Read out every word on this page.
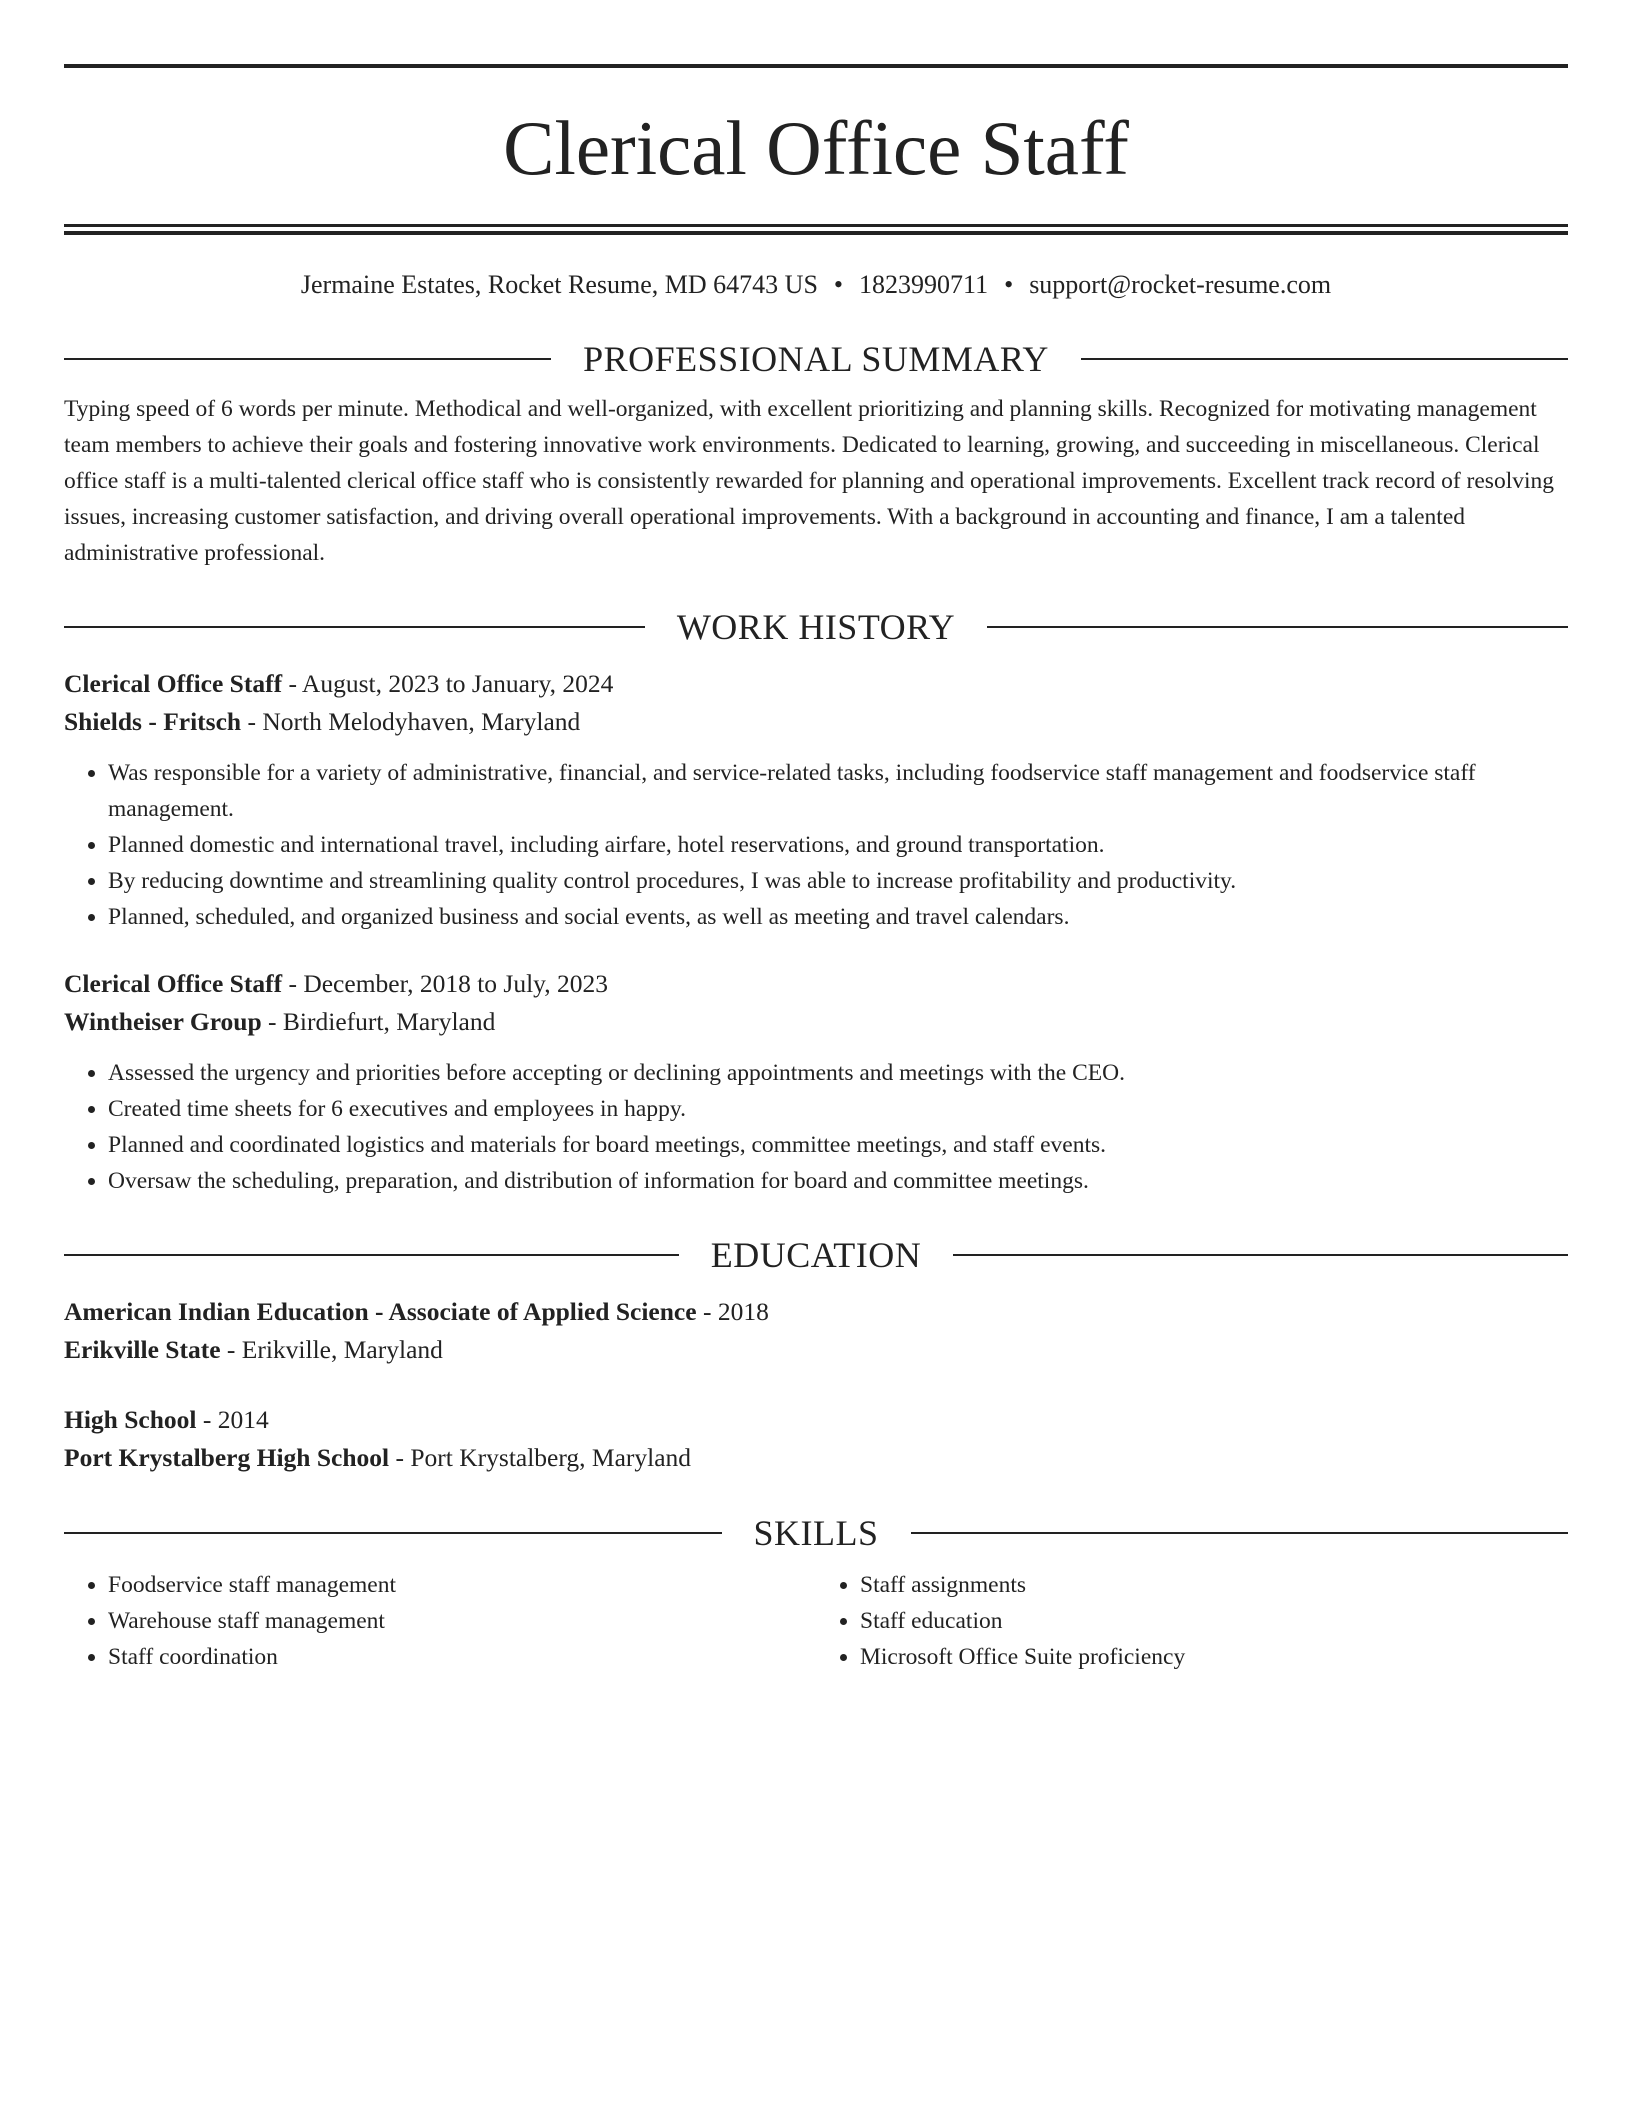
Clerical Office Staff
Jermaine Estates, Rocket Resume, MD 64743 US • 1823990711 • support@rocket-resume.com
PROFESSIONAL SUMMARY
Typing speed of 6 words per minute. Methodical and well-organized, with excellent prioritizing and planning skills. Recognized for motivating management team members to achieve their goals and fostering innovative work environments. Dedicated to learning, growing, and succeeding in miscellaneous. Clerical office staff is a multi-talented clerical office staff who is consistently rewarded for planning and operational improvements. Excellent track record of resolving issues, increasing customer satisfaction, and driving overall operational improvements. With a background in accounting and finance, I am a talented administrative professional.
WORK HISTORY
Clerical Office Staff - August, 2023 to January, 2024
Shields - Fritsch - North Melodyhaven, Maryland
• Was responsible for a variety of administrative, financial, and service-related tasks, including foodservice staff management and foodservice staff management.
• Planned domestic and international travel, including airfare, hotel reservations, and ground transportation.
• By reducing downtime and streamlining quality control procedures, I was able to increase profitability and productivity.
• Planned, scheduled, and organized business and social events, as well as meeting and travel calendars.
Clerical Office Staff - December, 2018 to July, 2023
Wintheiser Group - Birdiefurt, Maryland
• Assessed the urgency and priorities before accepting or declining appointments and meetings with the CEO.
• Created time sheets for 6 executives and employees in happy.
• Planned and coordinated logistics and materials for board meetings, committee meetings, and staff events.
• Oversaw the scheduling, preparation, and distribution of information for board and committee meetings.
EDUCATION
American Indian Education - Associate of Applied Science - 2018
Erikville State - Erikville, Maryland
High School - 2014
Port Krystalberg High School - Port Krystalberg, Maryland
SKILLS
• Foodservice staff management
• Warehouse staff management
• Staff coordination
• Staff assignments
• Staff education
• Microsoft Office Suite proficiency
